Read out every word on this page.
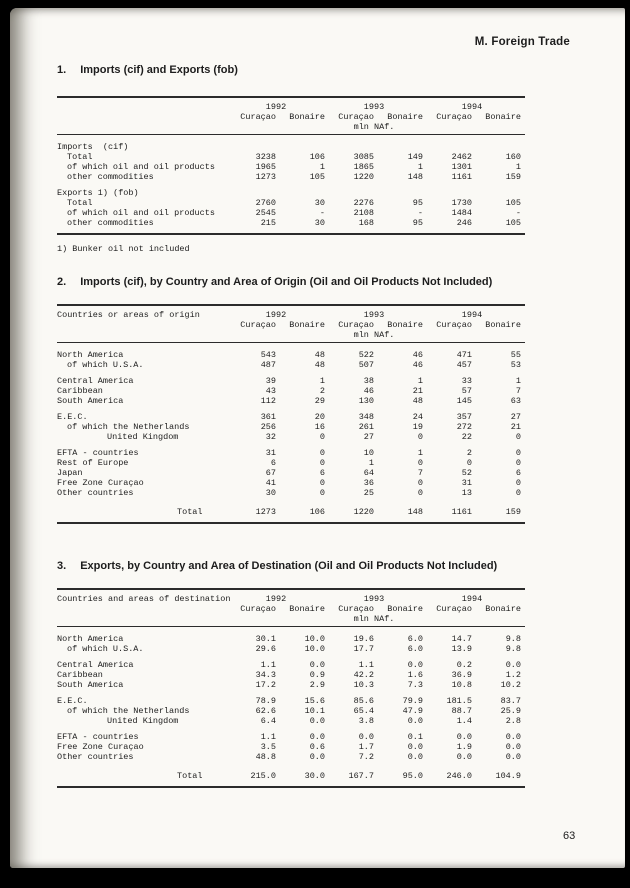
M. Foreign Trade
1. Imports (cif) and Exports (fob)
1992	1993	1994
Curaçao	Bonaire	Curaçao	Bonaire	Curaçao	Bonaire
mln NAf.
Imports  (cif)
Total	3238	106	3085	149	2462	160
of which oil and oil products	1965	1	1865	1	1301	1
other commodities	1273	105	1220	148	1161	159
Exports 1) (fob)
Total	2760	30	2276	95	1730	105
of which oil and oil products	2545	-	2108	-	1484	-
other commodities	215	30	168	95	246	105
1) Bunker oil not included
2. Imports (cif), by Country and Area of Origin (Oil and Oil Products Not Included)
Countries or areas of origin	1992	1993	1994
Curaçao	Bonaire	Curaçao	Bonaire	Curaçao	Bonaire
mln NAf.
North America	543	48	522	46	471	55
of which U.S.A.	487	48	507	46	457	53
Central America	39	1	38	1	33	1
Caribbean	43	2	46	21	57	7
South America	112	29	130	48	145	63
E.E.C.	361	20	348	24	357	27
of which the Netherlands	256	16	261	19	272	21
United Kingdom	32	0	27	0	22	0
EFTA - countries	31	0	10	1	2	0
Rest of Europe	6	0	1	0	0	0
Japan	67	6	64	7	52	6
Free Zone Curaçao	41	0	36	0	31	0
Other countries	30	0	25	0	13	0
Total	1273	106	1220	148	1161	159
3. Exports, by Country and Area of Destination (Oil and Oil Products Not Included)
Countries and areas of destination	1992	1993	1994
Curaçao	Bonaire	Curaçao	Bonaire	Curaçao	Bonaire
mln NAf.
North America	30.1	10.0	19.6	6.0	14.7	9.8
of which U.S.A.	29.6	10.0	17.7	6.0	13.9	9.8
Central America	1.1	0.0	1.1	0.0	0.2	0.0
Caribbean	34.3	0.9	42.2	1.6	36.9	1.2
South America	17.2	2.9	10.3	7.3	10.8	10.2
E.E.C.	78.9	15.6	85.6	79.9	181.5	83.7
of which the Netherlands	62.6	10.1	65.4	47.9	88.7	25.9
United Kingdom	6.4	0.0	3.8	0.0	1.4	2.8
EFTA - countries	1.1	0.0	0.0	0.1	0.0	0.0
Free Zone Curaçao	3.5	0.6	1.7	0.0	1.9	0.0
Other countries	48.8	0.0	7.2	0.0	0.0	0.0
Total	215.0	30.0	167.7	95.0	246.0	104.9
63
